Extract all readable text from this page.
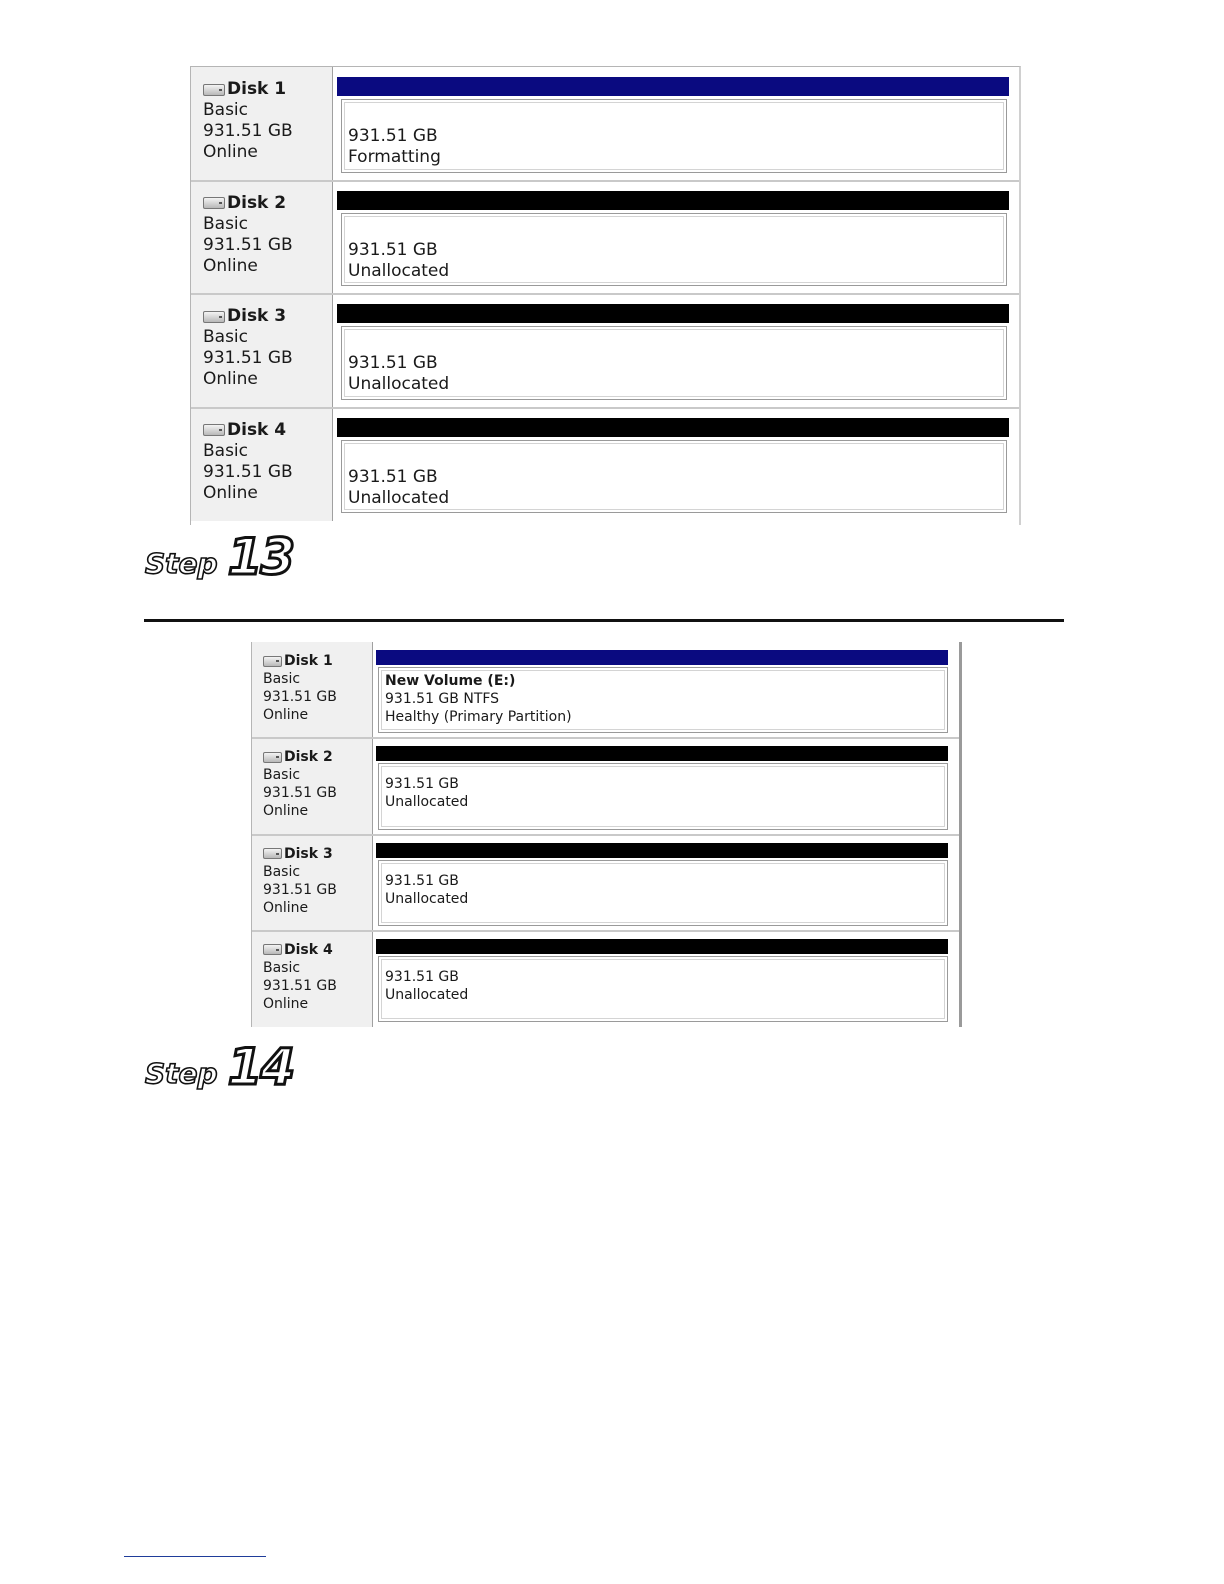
Disk 1
Basic
931.51 GB
Online
931.51 GB
Formatting
Disk 2
Basic
931.51 GB
Online
931.51 GB
Unallocated
Disk 3
Basic
931.51 GB
Online
931.51 GB
Unallocated
Disk 4
Basic
931.51 GB
Online
931.51 GB
Unallocated
Step 13
Disk 1
Basic
931.51 GB
Online
New Volume (E:)
931.51 GB NTFS
Healthy (Primary Partition)
Disk 2
Basic
931.51 GB
Online
931.51 GB
Unallocated
Disk 3
Basic
931.51 GB
Online
931.51 GB
Unallocated
Disk 4
Basic
931.51 GB
Online
931.51 GB
Unallocated
Step 14
